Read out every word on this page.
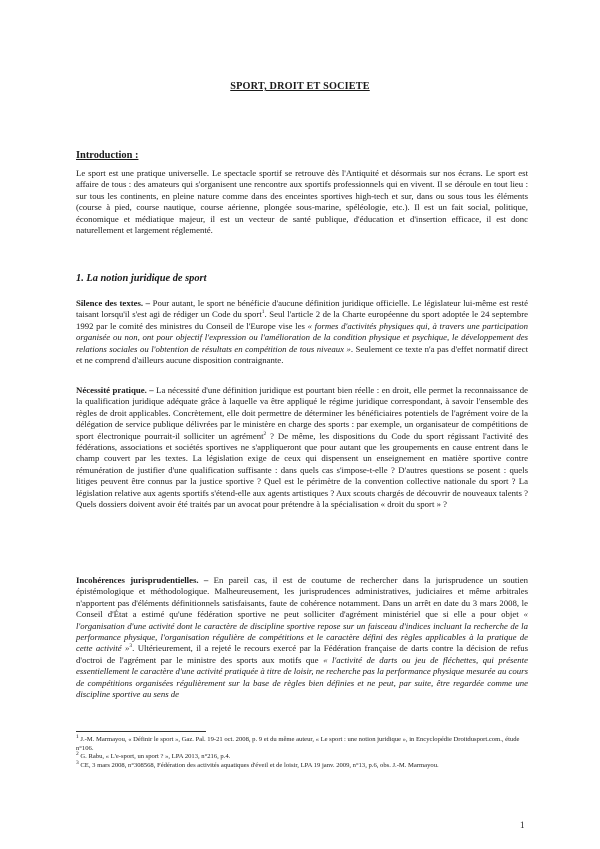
SPORT, DROIT ET SOCIETE
Introduction :

Le sport est une pratique universelle. Le spectacle sportif se retrouve dès l'Antiquité et désormais sur nos écrans. Le sport est affaire de tous : des amateurs qui s'organisent une rencontre aux sportifs professionnels qui en vivent. Il se déroule en tout lieu : sur tous les continents, en pleine nature comme dans des enceintes sportives high-tech et sur, dans ou sous tous les éléments (course à pied, course nautique, course aérienne, plongée sous-marine, spéléologie, etc.). Il est un fait social, politique, économique et médiatique majeur, il est un vecteur de santé publique, d'éducation et d'insertion efficace, il est donc naturellement et largement réglementé.

1. La notion juridique de sport

Silence des textes. – Pour autant, le sport ne bénéficie d'aucune définition juridique officielle. Le législateur lui-même est resté taisant lorsqu'il s'est agi de rédiger un Code du sport$^1$. Seul l'article 2 de la Charte européenne du sport adoptée le 24 septembre 1992 par le comité des ministres du Conseil de l'Europe vise les « formes d'activités physiques qui, à travers une participation organisée ou non, ont pour objectif l'expression ou l'amélioration de la condition physique et psychique, le développement des relations sociales ou l'obtention de résultats en compétition de tous niveaux ». Seulement ce texte n'a pas d'effet normatif direct et ne comprend d'ailleurs aucune disposition contraignante.

Nécessité pratique. – La nécessité d'une définition juridique est pourtant bien réelle : en droit, elle permet la reconnaissance de la qualification juridique adéquate grâce à laquelle va être appliqué le régime juridique correspondant, à savoir l'ensemble des règles de droit applicables. Concrètement, elle doit permettre de déterminer les bénéficiaires potentiels de l'agrément voire de la délégation de service publique délivrées par le ministère en charge des sports : par exemple, un organisateur de compétitions de sport électronique pourrait-il solliciter un agrément$^2$ ? De même, les dispositions du Code du sport régissant l'activité des fédérations, associations et sociétés sportives ne s'appliqueront que pour autant que les groupements en cause entrent dans le champ couvert par les textes. La législation exige de ceux qui dispensent un enseignement en matière sportive contre rémunération de justifier d'une qualification suffisante : dans quels cas s'impose-t-elle ? D'autres questions se posent : quels litiges peuvent être connus par la justice sportive ? Quel est le périmètre de la convention collective nationale du sport ? La législation relative aux agents sportifs s'étend-elle aux agents artistiques ? Aux scouts chargés de découvrir de nouveaux talents ? Quels dossiers doivent avoir été traités par un avocat pour prétendre à la spécialisation « droit du sport » ?

Incohérences jurisprudentielles. – En pareil cas, il est de coutume de rechercher dans la jurisprudence un soutien épistémologique et méthodologique. Malheureusement, les jurisprudences administratives, judiciaires et même arbitrales n'apportent pas d'éléments définitionnels satisfaisants, faute de cohérence notamment. Dans un arrêt en date du 3 mars 2008, le Conseil d'État a estimé qu'une fédération sportive ne peut solliciter d'agrément ministériel que si elle a pour objet « l'organisation d'une activité dont le caractère de discipline sportive repose sur un faisceau d'indices incluant la recherche de la performance physique, l'organisation régulière de compétitions et le caractère défini des règles applicables à la pratique de cette activité »$^3$. Ultérieurement, il a rejeté le recours exercé par la Fédération française de darts contre la décision de refus d'octroi de l'agrément par le ministre des sports aux motifs que « l'activité de darts ou jeu de fléchettes, qui présente essentiellement le caractère d'une activité pratiquée à titre de loisir, ne recherche pas la performance physique mesurée au cours de compétitions organisées régulièrement sur la base de règles bien définies et ne peut, par suite, être regardée comme une discipline sportive au sens de

$^1$ J.-M. Marmayou, « Définir le sport », Gaz. Pal. 19-21 oct. 2008, p. 9 et du même auteur, « Le sport : une notion juridique », in Encyclopédie Droitdusport.com., étude n°106.

$^2$ G. Rabu, « L'e-sport, un sport ? », LPA 2013, n°216, p.4.

$^3$ CE, 3 mars 2008, n°308568, Fédération des activités aquatiques d'éveil et de loisir, LPA 19 janv. 2009, n°13, p.6, obs. J.-M. Marmayou.

1
